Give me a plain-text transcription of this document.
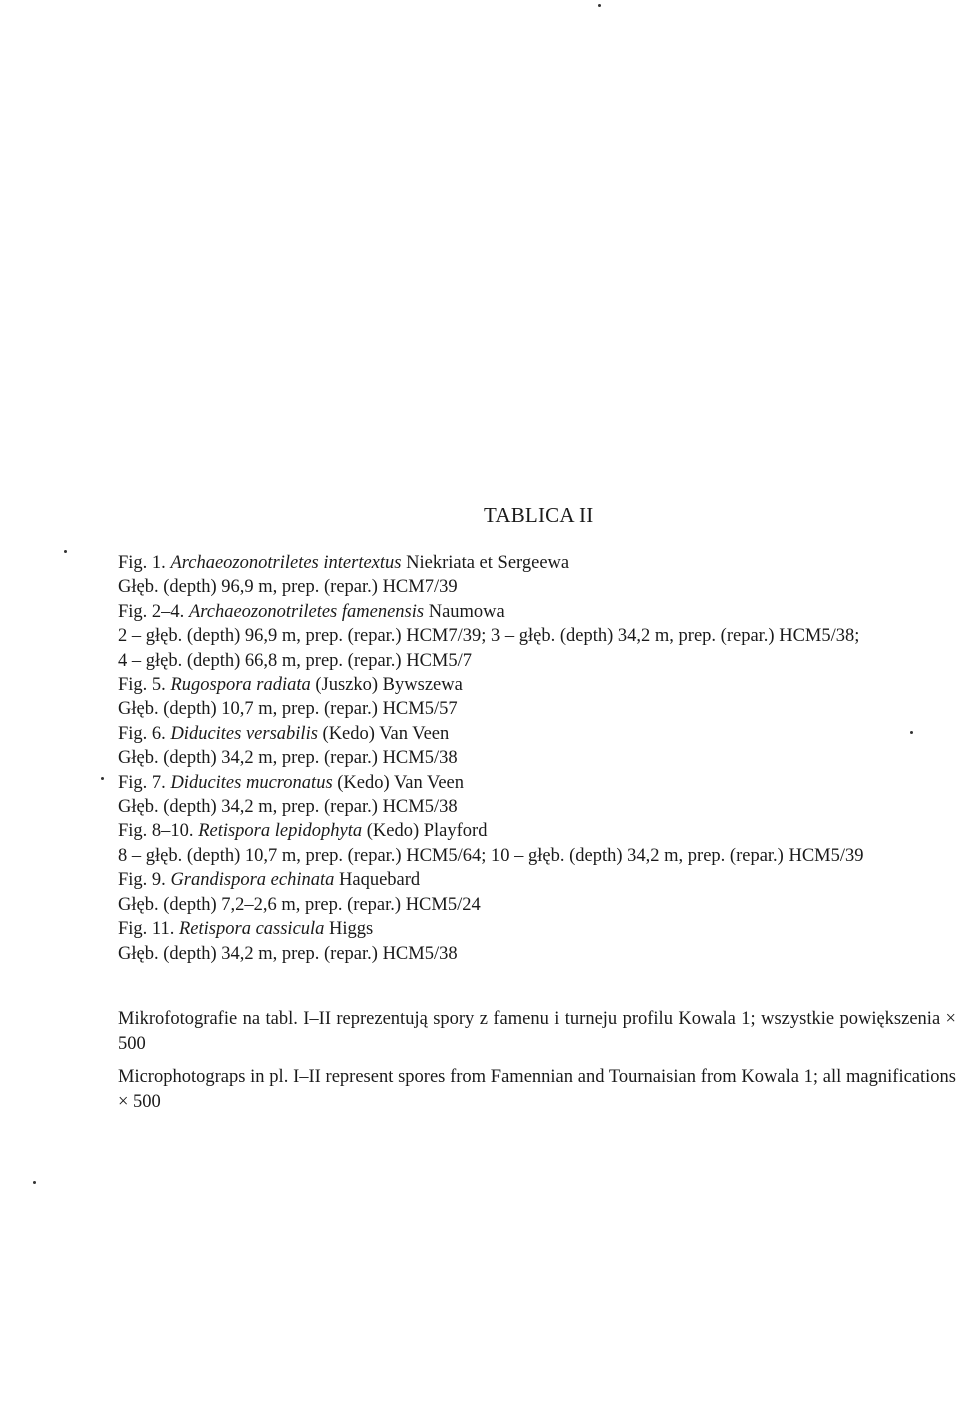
TABLICA II
Fig. 1. Archaeozonotriletes intertextus Niekriata et Sergeewa
Głęb. (depth) 96,9 m, prep. (repar.) HCM7/39
Fig. 2–4. Archaeozonotriletes famenensis Naumowa
2 – głęb. (depth) 96,9 m, prep. (repar.) HCM7/39; 3 – głęb. (depth) 34,2 m, prep. (repar.) HCM5/38;
4 – głęb. (depth) 66,8 m, prep. (repar.) HCM5/7
Fig. 5. Rugospora radiata (Juszko) Bywszewa
Głęb. (depth) 10,7 m, prep. (repar.) HCM5/57
Fig. 6. Diducites versabilis (Kedo) Van Veen
Głęb. (depth) 34,2 m, prep. (repar.) HCM5/38
Fig. 7. Diducites mucronatus (Kedo) Van Veen
Głęb. (depth) 34,2 m, prep. (repar.) HCM5/38
Fig. 8–10. Retispora lepidophyta (Kedo) Playford
8 – głęb. (depth) 10,7 m, prep. (repar.) HCM5/64; 10 – głęb. (depth) 34,2 m, prep. (repar.) HCM5/39
Fig. 9. Grandispora echinata Haquebard
Głęb. (depth) 7,2–2,6 m, prep. (repar.) HCM5/24
Fig. 11. Retispora cassicula Higgs
Głęb. (depth) 34,2 m, prep. (repar.) HCM5/38

Mikrofotografie na tabl. I–II reprezentują spory z famenu i turneju profilu Kowala 1; wszystkie powiększenia × 500

Microphotograps in pl. I–II represent spores from Famennian and Tournaisian from Kowala 1; all magnifications × 500
